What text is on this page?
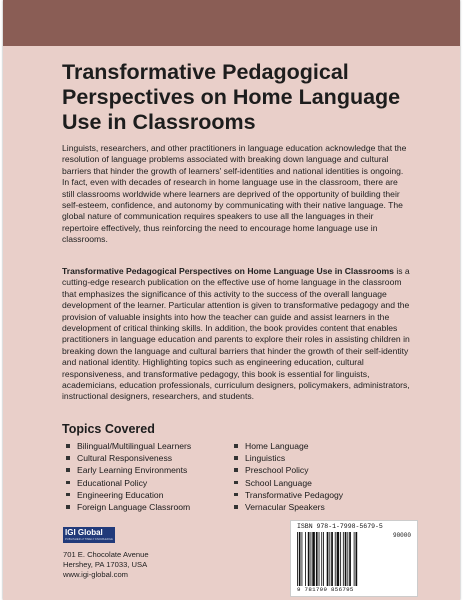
Transformative Pedagogical Perspectives on Home Language Use in Classrooms

Linguists, researchers, and other practitioners in language education acknowledge that the resolution of language problems associated with breaking down language and cultural barriers that hinder the growth of learners' self-identities and national identities is ongoing. In fact, even with decades of research in home language use in the classroom, there are still classrooms worldwide where learners are deprived of the opportunity of building their self-esteem, confidence, and autonomy by communicating with their native language. The global nature of communication requires speakers to use all the languages in their repertoire effectively, thus reinforcing the need to encourage home language use in classrooms.

Transformative Pedagogical Perspectives on Home Language Use in Classrooms is a cutting-edge research publication on the effective use of home language in the classroom that emphasizes the significance of this activity to the success of the overall language development of the learner. Particular attention is given to transformative pedagogy and the provision of valuable insights into how the teacher can guide and assist learners in the development of critical thinking skills. In addition, the book provides content that enables practitioners in language education and parents to explore their roles in assisting children in breaking down the language and cultural barriers that hinder the growth of their self-identity and national identity. Highlighting topics such as engineering education, cultural responsiveness, and transformative pedagogy, this book is essential for linguists, academicians, education professionals, curriculum designers, policymakers, administrators, instructional designers, researchers, and students.

Topics Covered
Bilingual/Multilingual Learners
Cultural Responsiveness
Early Learning Environments
Educational Policy
Engineering Education
Foreign Language Classroom
Home Language
Linguistics
Preschool Policy
School Language
Transformative Pedagogy
Vernacular Speakers
IGI Global
PUBLISHER of TIMELY KNOWLEDGE
701 E. Chocolate Avenue
Hershey, PA 17033, USA
www.igi-global.com
ISBN 978-1-7998-5679-5
90000
9 781799 856795
